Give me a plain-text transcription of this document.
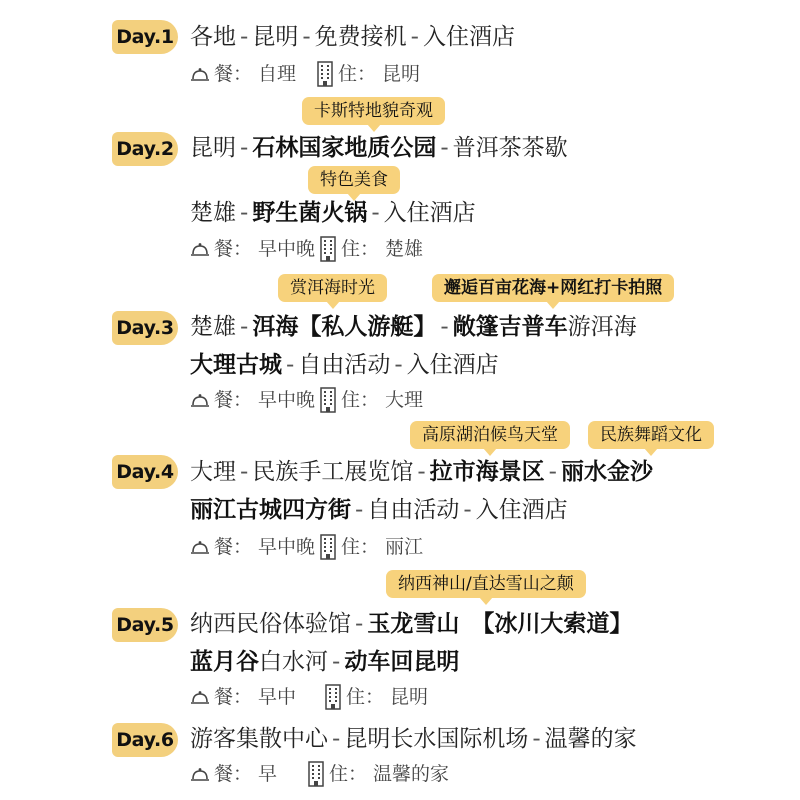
Day.1 各地 - 昆明 - 免费接机 - 入住酒店
餐： 自理 住： 昆明
卡斯特地貌奇观
Day.2 昆明 - 石林国家地质公园 - 普洱茶茶歇
特色美食
楚雄 - 野生菌火锅 - 入住酒店
餐： 早中晚 住： 楚雄
赏洱海时光	邂逅百亩花海+网红打卡拍照
Day.3 楚雄 - 洱海【私人游艇】 - 敞篷吉普车游洱海
大理古城 - 自由活动 - 入住酒店
餐： 早中晚 住： 大理
高原湖泊候鸟天堂	民族舞蹈文化
Day.4 大理 - 民族手工展览馆 - 拉市海景区 - 丽水金沙
丽江古城四方街 - 自由活动 - 入住酒店
餐： 早中晚 住： 丽江
纳西神山/直达雪山之颠
Day.5 纳西民俗体验馆 - 玉龙雪山 【冰川大索道】
蓝月谷白水河 - 动车回昆明
餐： 早中	住： 昆明
Day.6 游客集散中心 - 昆明长水国际机场 - 温馨的家
餐： 早	住： 温馨的家
